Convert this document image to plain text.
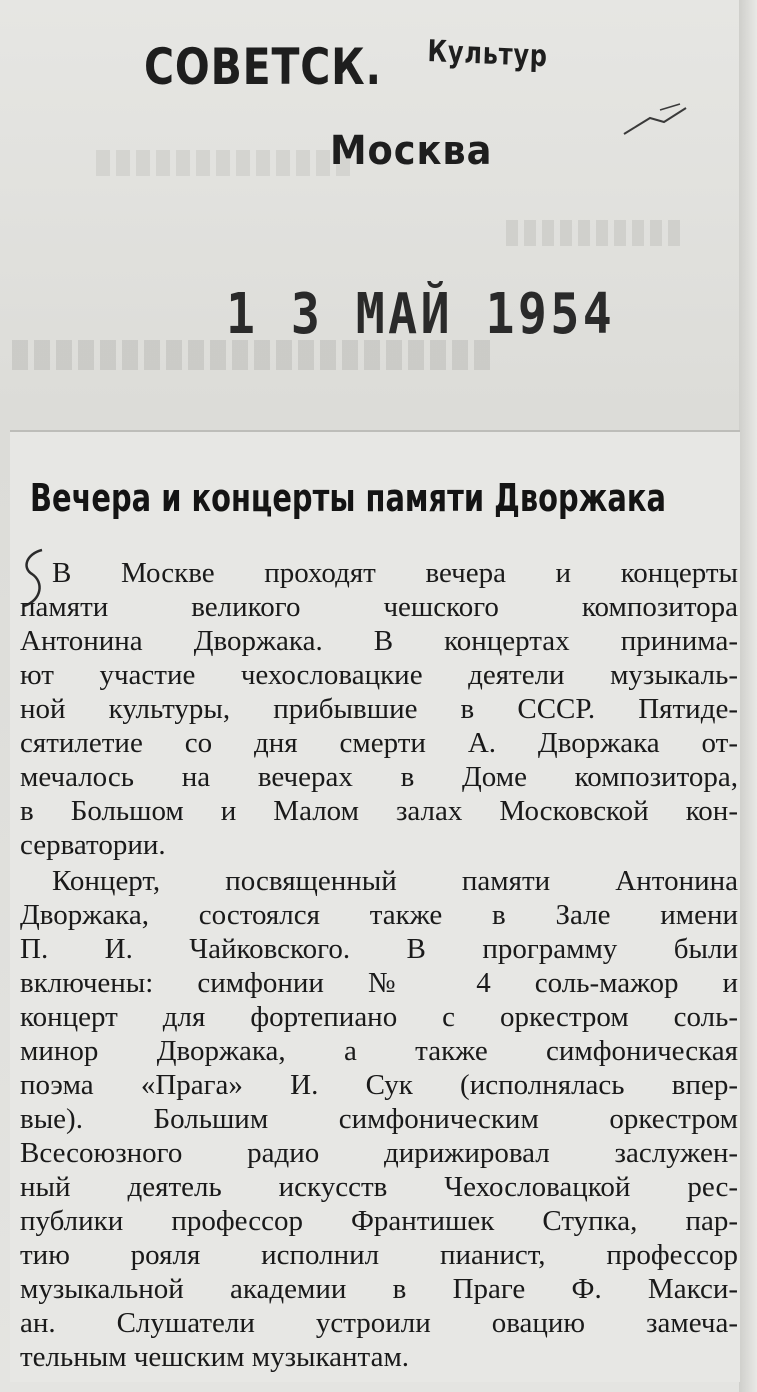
СОВЕТСК. Культур
Москва
1 3 МАЙ 1954
Вечера и концерты памяти Дворжака
В Москве проходят вечера и концерты
памяти великого чешского композитора
Антонина Дворжака. В концертах принима-
ют участие чехословацкие деятели музыкаль-
ной культуры, прибывшие в СССР. Пятиде-
сятилетие со дня смерти А. Дворжака от-
мечалось на вечерах в Доме композитора,
в Большом и Малом залах Московской кон-
серватории.
Концерт, посвященный памяти Антонина
Дворжака, состоялся также в Зале имени
П. И. Чайковского. В программу были
включены: симфонии № 4 соль-мажор и
концерт для фортепиано с оркестром соль-
минор Дворжака, а также симфоническая
поэма «Прага» И. Сук (исполнялась впер-
вые). Большим симфоническим оркестром
Всесоюзного радио дирижировал заслужен-
ный деятель искусств Чехословацкой рес-
публики профессор Франтишек Ступка, пар-
тию рояля исполнил пианист, профессор
музыкальной академии в Праге Ф. Макси-
ан. Слушатели устроили овацию замеча-
тельным чешским музыкантам.
